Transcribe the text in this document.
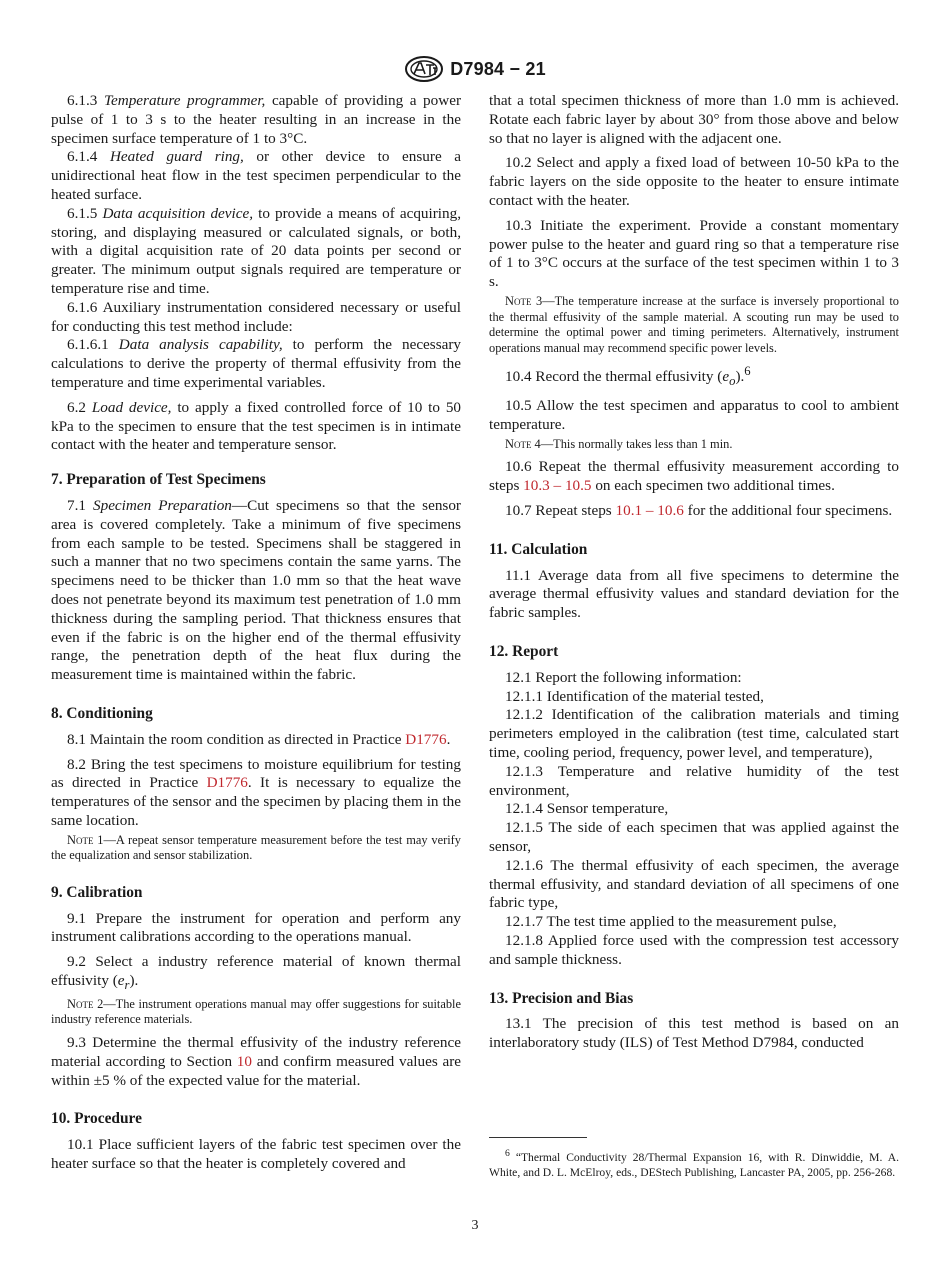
D7984 − 21

6.1.3 Temperature programmer, capable of providing a power pulse of 1 to 3 s to the heater resulting in an increase in the specimen surface temperature of 1 to 3°C.

6.1.4 Heated guard ring, or other device to ensure a unidirectional heat flow in the test specimen perpendicular to the heated surface.

6.1.5 Data acquisition device, to provide a means of acquiring, storing, and displaying measured or calculated signals, or both, with a digital acquisition rate of 20 data points per second or greater. The minimum output signals required are temperature or temperature rise and time.

6.1.6 Auxiliary instrumentation considered necessary or useful for conducting this test method include:

6.1.6.1 Data analysis capability, to perform the necessary calculations to derive the property of thermal effusivity from the temperature and time experimental variables.

6.2 Load device, to apply a fixed controlled force of 10 to 50 kPa to the specimen to ensure that the test specimen is in intimate contact with the heater and temperature sensor.

7. Preparation of Test Specimens

7.1 Specimen Preparation—Cut specimens so that the sensor area is covered completely. Take a minimum of five specimens from each sample to be tested. Specimens shall be staggered in such a manner that no two specimens contain the same yarns. The specimens need to be thicker than 1.0 mm so that the heat wave does not penetrate beyond its maximum test penetration of 1.0 mm thickness during the sampling period. That thickness ensures that even if the fabric is on the higher end of the thermal effusivity range, the penetration depth of the heat flux during the measurement time is maintained within the fabric.

8. Conditioning

8.1 Maintain the room condition as directed in Practice D1776.

8.2 Bring the test specimens to moisture equilibrium for testing as directed in Practice D1776. It is necessary to equalize the temperatures of the sensor and the specimen by placing them in the same location.

Note 1—A repeat sensor temperature measurement before the test may verify the equalization and sensor stabilization.

9. Calibration

9.1 Prepare the instrument for operation and perform any instrument calibrations according to the operations manual.

9.2 Select a industry reference material of known thermal effusivity $(e_r)$.

Note 2—The instrument operations manual may offer suggestions for suitable industry reference materials.

9.3 Determine the thermal effusivity of the industry reference material according to Section 10 and confirm measured values are within ±5 % of the expected value for the material.

10. Procedure

10.1 Place sufficient layers of the fabric test specimen over the heater surface so that the heater is completely covered and

that a total specimen thickness of more than 1.0 mm is achieved. Rotate each fabric layer by about 30° from those above and below so that no layer is aligned with the adjacent one.

10.2 Select and apply a fixed load of between 10-50 kPa to the fabric layers on the side opposite to the heater to ensure intimate contact with the heater.

10.3 Initiate the experiment. Provide a constant momentary power pulse to the heater and guard ring so that a temperature rise of 1 to 3°C occurs at the surface of the test specimen within 1 to 3 s.

Note 3—The temperature increase at the surface is inversely proportional to the thermal effusivity of the sample material. A scouting run may be used to determine the optimal power and timing perimeters. Alternatively, instrument operations manual may recommend specific power levels.

10.4 Record the thermal effusivity $(e_o).^6$

10.5 Allow the test specimen and apparatus to cool to ambient temperature.

Note 4—This normally takes less than 1 min.

10.6 Repeat the thermal effusivity measurement according to steps 10.3 – 10.5 on each specimen two additional times.

10.7 Repeat steps 10.1 – 10.6 for the additional four specimens.

11. Calculation

11.1 Average data from all five specimens to determine the average thermal effusivity values and standard deviation for the fabric samples.

12. Report

12.1 Report the following information:

12.1.1 Identification of the material tested,

12.1.2 Identification of the calibration materials and timing perimeters employed in the calibration (test time, calculated start time, cooling period, frequency, power level, and temperature),

12.1.3 Temperature and relative humidity of the test environment,

12.1.4 Sensor temperature,

12.1.5 The side of each specimen that was applied against the sensor,

12.1.6 The thermal effusivity of each specimen, the average thermal effusivity, and standard deviation of all specimens of one fabric type,

12.1.7 The test time applied to the measurement pulse,

12.1.8 Applied force used with the compression test accessory and sample thickness.

13. Precision and Bias

13.1 The precision of this test method is based on an interlaboratory study (ILS) of Test Method D7984, conducted

$^6$ “Thermal Conductivity 28/Thermal Expansion 16, with R. Dinwiddie, M. A. White, and D. L. McElroy, eds., DEStech Publishing, Lancaster PA, 2005, pp. 256-268.
3
